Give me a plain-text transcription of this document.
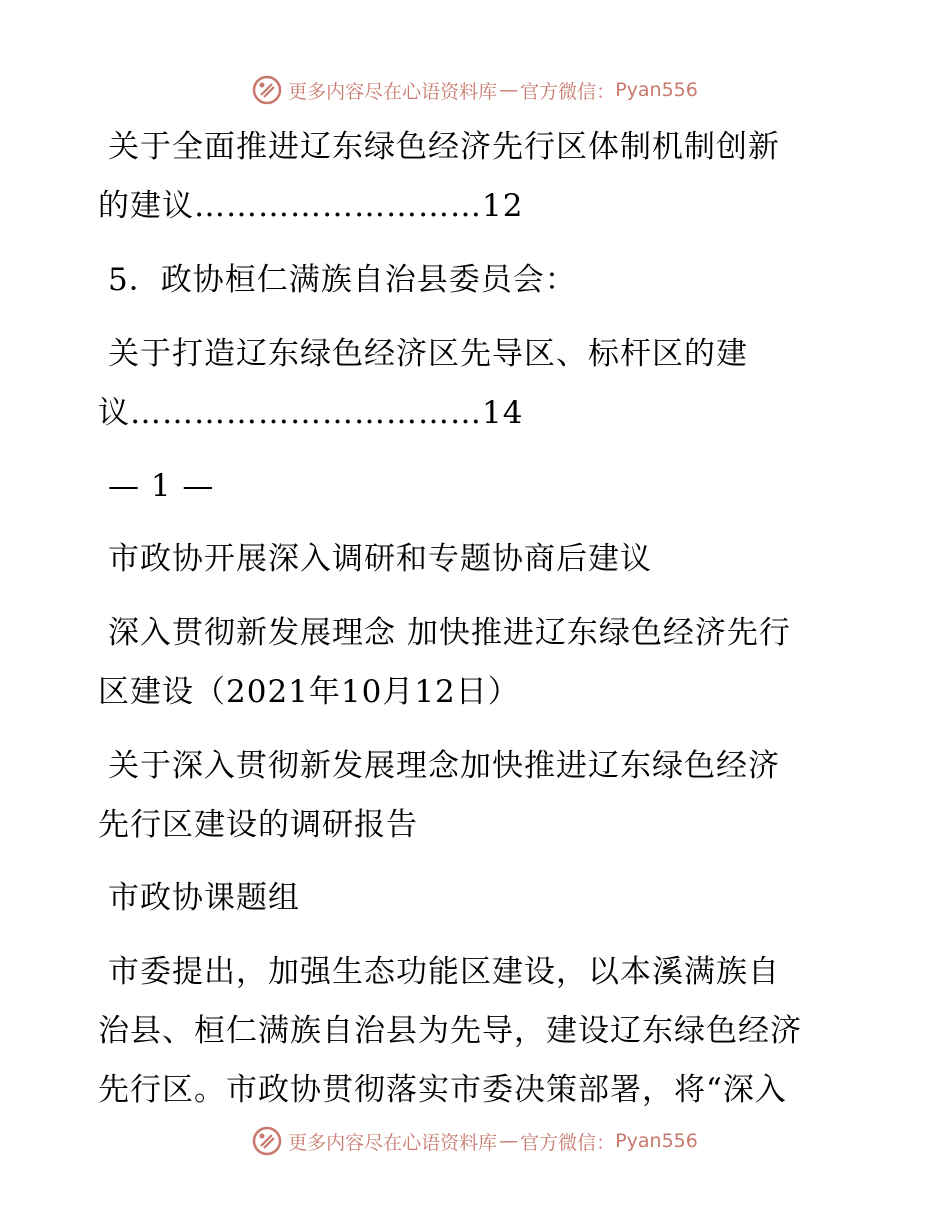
更多内容尽在心语资料库 — 官方微信： Pyan556
关于全面推进辽东绿色经济先行区体制机制创新
的建议………………………12
5．政协桓仁满族自治县委员会：
关于打造辽东绿色经济区先导区、标杆区的建
议……………………………14
— 1 —
市政协开展深入调研和专题协商后建议
深入贯彻新发展理念 加快推进辽东绿色经济先行
区建设（2021年10月12日）
关于深入贯彻新发展理念加快推进辽东绿色经济
先行区建设的调研报告
市政协课题组
市委提出，加强生态功能区建设，以本溪满族自
治县、桓仁满族自治县为先导，建设辽东绿色经济
先行区。市政协贯彻落实市委决策部署，将“深入
更多内容尽在心语资料库 — 官方微信： Pyan556
